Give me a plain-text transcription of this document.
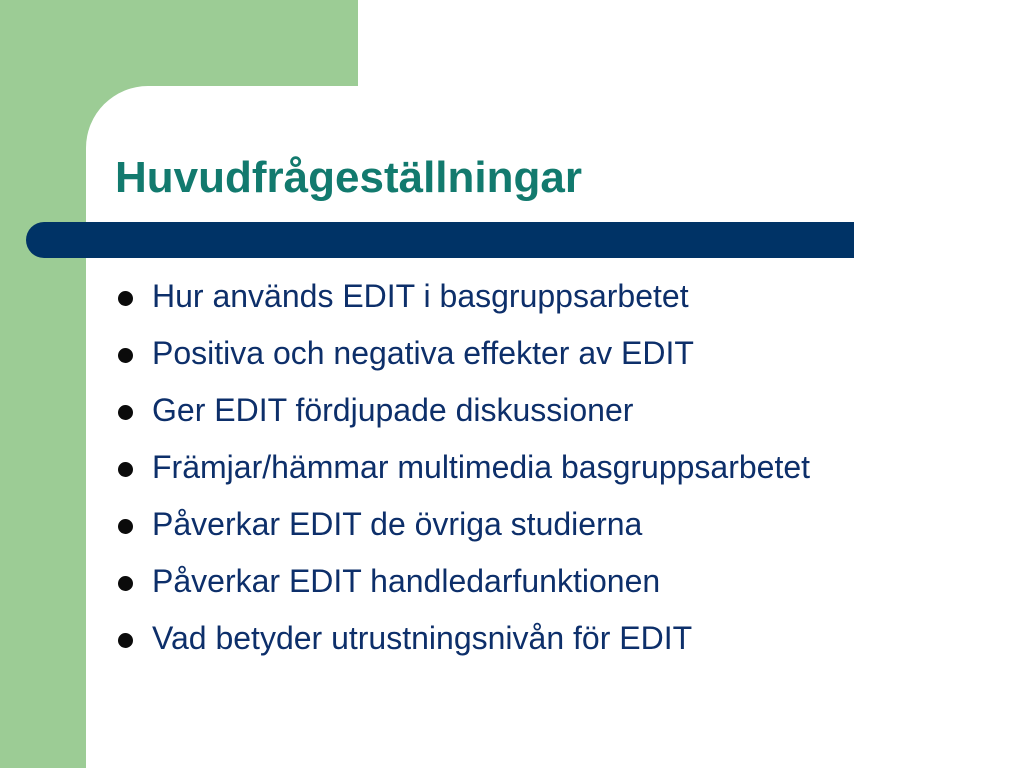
Huvudfrågeställningar
Hur används EDIT i basgruppsarbetet
Positiva och negativa effekter av EDIT
Ger EDIT fördjupade diskussioner
Främjar/hämmar multimedia basgruppsarbetet
Påverkar EDIT de övriga studierna
Påverkar EDIT handledarfunktionen
Vad betyder utrustningsnivån för EDIT
